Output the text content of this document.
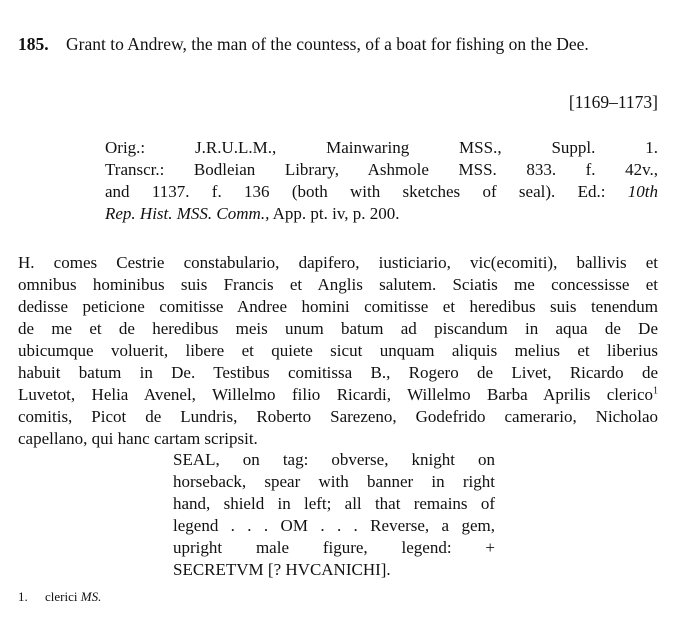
185. Grant to Andrew, the man of the countess, of a boat for fishing on the Dee.
[1169–1173]
Orig.: J.R.U.L.M., Mainwaring MSS., Suppl. 1.
Transcr.: Bodleian Library, Ashmole MSS. 833. f. 42v.,
and 1137. f. 136 (both with sketches of seal). Ed.: 10th
Rep. Hist. MSS. Comm., App. pt. iv, p. 200.
H. comes Cestrie constabulario, dapifero, iusticiario, vic(ecomiti), ballivis et
omnibus hominibus suis Francis et Anglis salutem. Sciatis me concessisse et
dedisse peticione comitisse Andree homini comitisse et heredibus suis tenendum
de me et de heredibus meis unum batum ad piscandum in aqua de De
ubicumque voluerit, libere et quiete sicut unquam aliquis melius et liberius
habuit batum in De. Testibus comitissa B., Rogero de Livet, Ricardo de
Luvetot, Helia Avenel, Willelmo filio Ricardi, Willelmo Barba Aprilis clerico$^1$
comitis, Picot de Lundris, Roberto Sarezeno, Godefrido camerario, Nicholao
capellano, qui hanc cartam scripsit.
SEAL, on tag: obverse, knight on
horseback, spear with banner in right
hand, shield in left; all that remains of
legend . . . OM . . . Reverse, a gem,
upright male figure, legend: +
SECRETVM [? HVCANICHI].
1. clerici MS.
